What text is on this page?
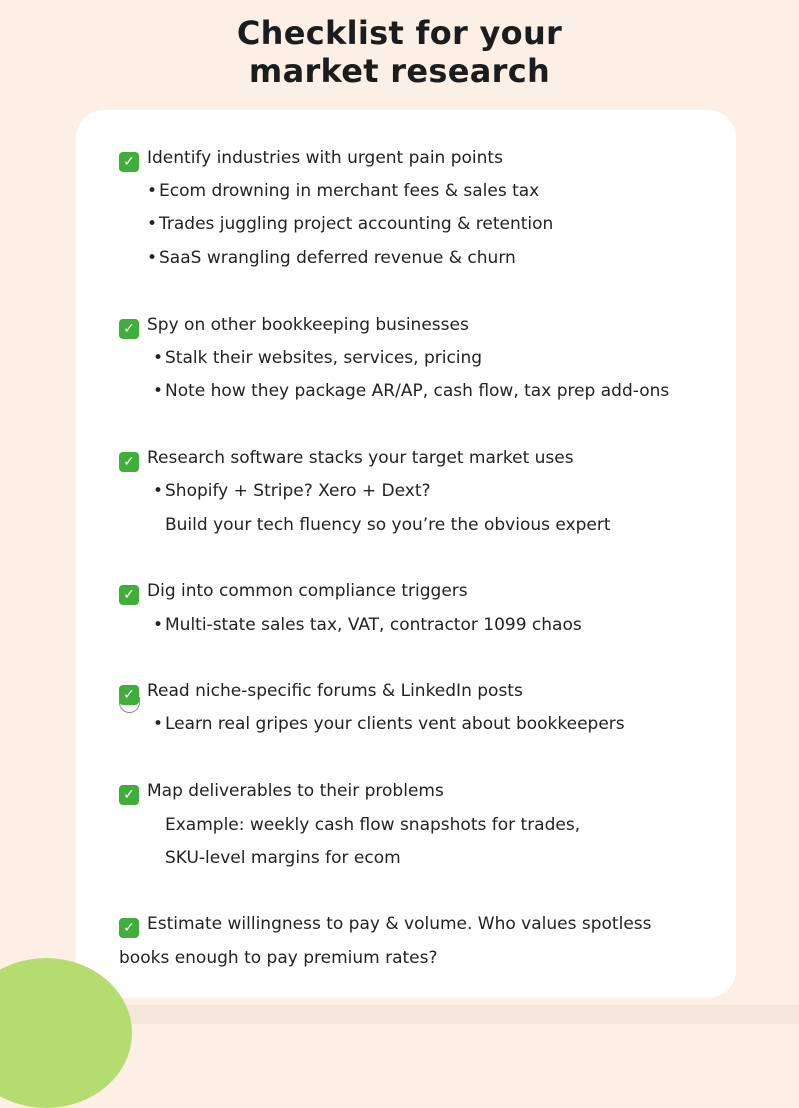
Checklist for your
market research
✓ Identify industries with urgent pain points
• Ecom drowning in merchant fees & sales tax
• Trades juggling project accounting & retention
• SaaS wrangling deferred revenue & churn
✓ Spy on other bookkeeping businesses
• Stalk their websites, services, pricing
• Note how they package AR/AP, cash flow, tax prep add-ons
✓ Research software stacks your target market uses
• Shopify + Stripe? Xero + Dext?
Build your tech fluency so you’re the obvious expert
✓ Dig into common compliance triggers
• Multi-state sales tax, VAT, contractor 1099 chaos
✓ Read niche-specific forums & LinkedIn posts
• Learn real gripes your clients vent about bookkeepers
✓ Map deliverables to their problems
Example: weekly cash flow snapshots for trades,
SKU-level margins for ecom
✓ Estimate willingness to pay & volume. Who values spotless
books enough to pay premium rates?
